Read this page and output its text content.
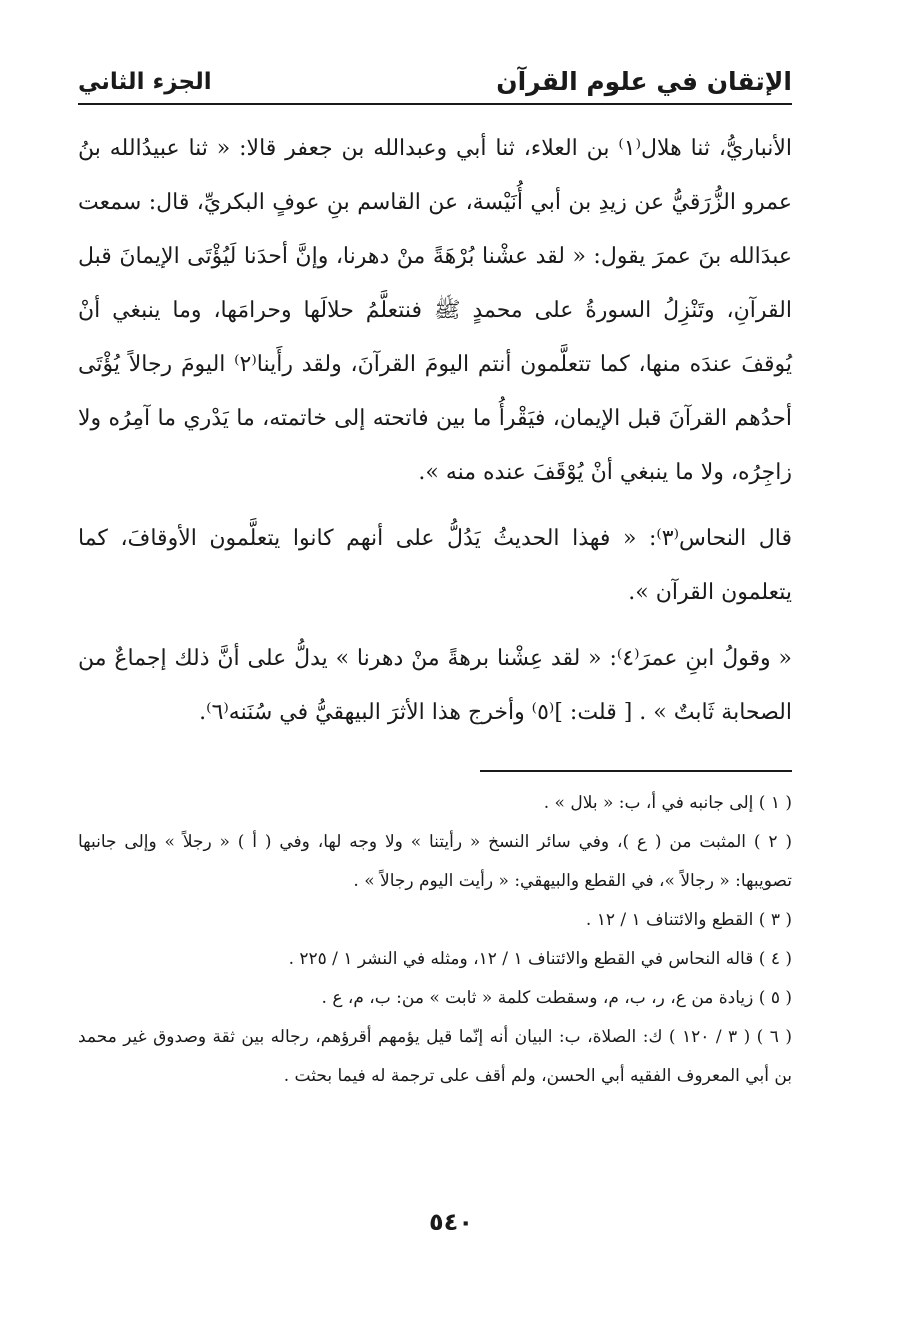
الإتقان في علوم القرآن
الجزء الثاني

الأنباريُّ، ثنا هلال⁽١⁾ بن العلاء، ثنا أبي وعبدالله بن جعفر قالا: « ثنا عبيدُالله بنُ عمرو الزُّرَقيُّ عن زيدِ بن أبي أُنَيْسة، عن القاسم بنِ عوفٍ البكريِّ، قال: سمعت عبدَالله بنَ عمرَ يقول: « لقد عشْنا بُرْهَةً منْ دهرنا، وإنَّ أحدَنا لَيُؤْتَى الإيمانَ قبل القرآنِ، وتَنْزِلُ السورةُ على محمدٍ ﷺ فنتعلَّمُ حلالَها وحرامَها، وما ينبغي أنْ يُوقفَ عندَه منها، كما تتعلَّمون أنتم اليومَ القرآنَ، ولقد رأَينا⁽٢⁾ اليومَ رجالاً يُؤْتَى أحدُهم القرآنَ قبل الإيمان، فيَقْرأُ ما بين فاتحته إلى خاتمته، ما يَدْري ما آمِرُه ولا زاجِرُه، ولا ما ينبغي أنْ يُوْقَفَ عنده منه ».

قال النحاس⁽٣⁾: « فهذا الحديثُ يَدُلُّ على أنهم كانوا يتعلَّمون الأوقافَ، كما يتعلمون القرآن ».

« وقولُ ابنِ عمرَ⁽٤⁾: « لقد عِشْنا برهةً منْ دهرنا » يدلُّ على أنَّ ذلك إجماعٌ من الصحابة ثَابتٌ » . [ قلت: ]⁽٥⁾ وأخرج هذا الأثرَ البيهقيُّ في سُنَنه⁽٦⁾.

( ١ ) إلى جانبه في أ، ب: « بلال » .

( ٢ ) المثبت من ( ع )، وفي سائر النسخ « رأيتنا » ولا وجه لها، وفي ( أ ) « رجلاً » وإلى جانبها تصويبها: « رجالاً »، في القطع والبيهقي: « رأيت اليوم رجالاً » .

( ٣ ) القطع والائتناف ١ / ١٢ .

( ٤ ) قاله النحاس في القطع والائتناف ١ / ١٢، ومثله في النشر ١ / ٢٢٥ .

( ٥ ) زيادة من ع، ر، ب، م، وسقطت كلمة « ثابت » من: ب، م، ع .

( ٦ ) ( ٣ / ١٢٠ ) ك: الصلاة، ب: البيان أنه إنّما قيل يؤمهم أقرؤهم، رجاله بين ثقة وصدوق غير محمد بن أبي المعروف الفقيه أبي الحسن، ولم أقف على ترجمة له فيما بحثت .

٥٤٠
